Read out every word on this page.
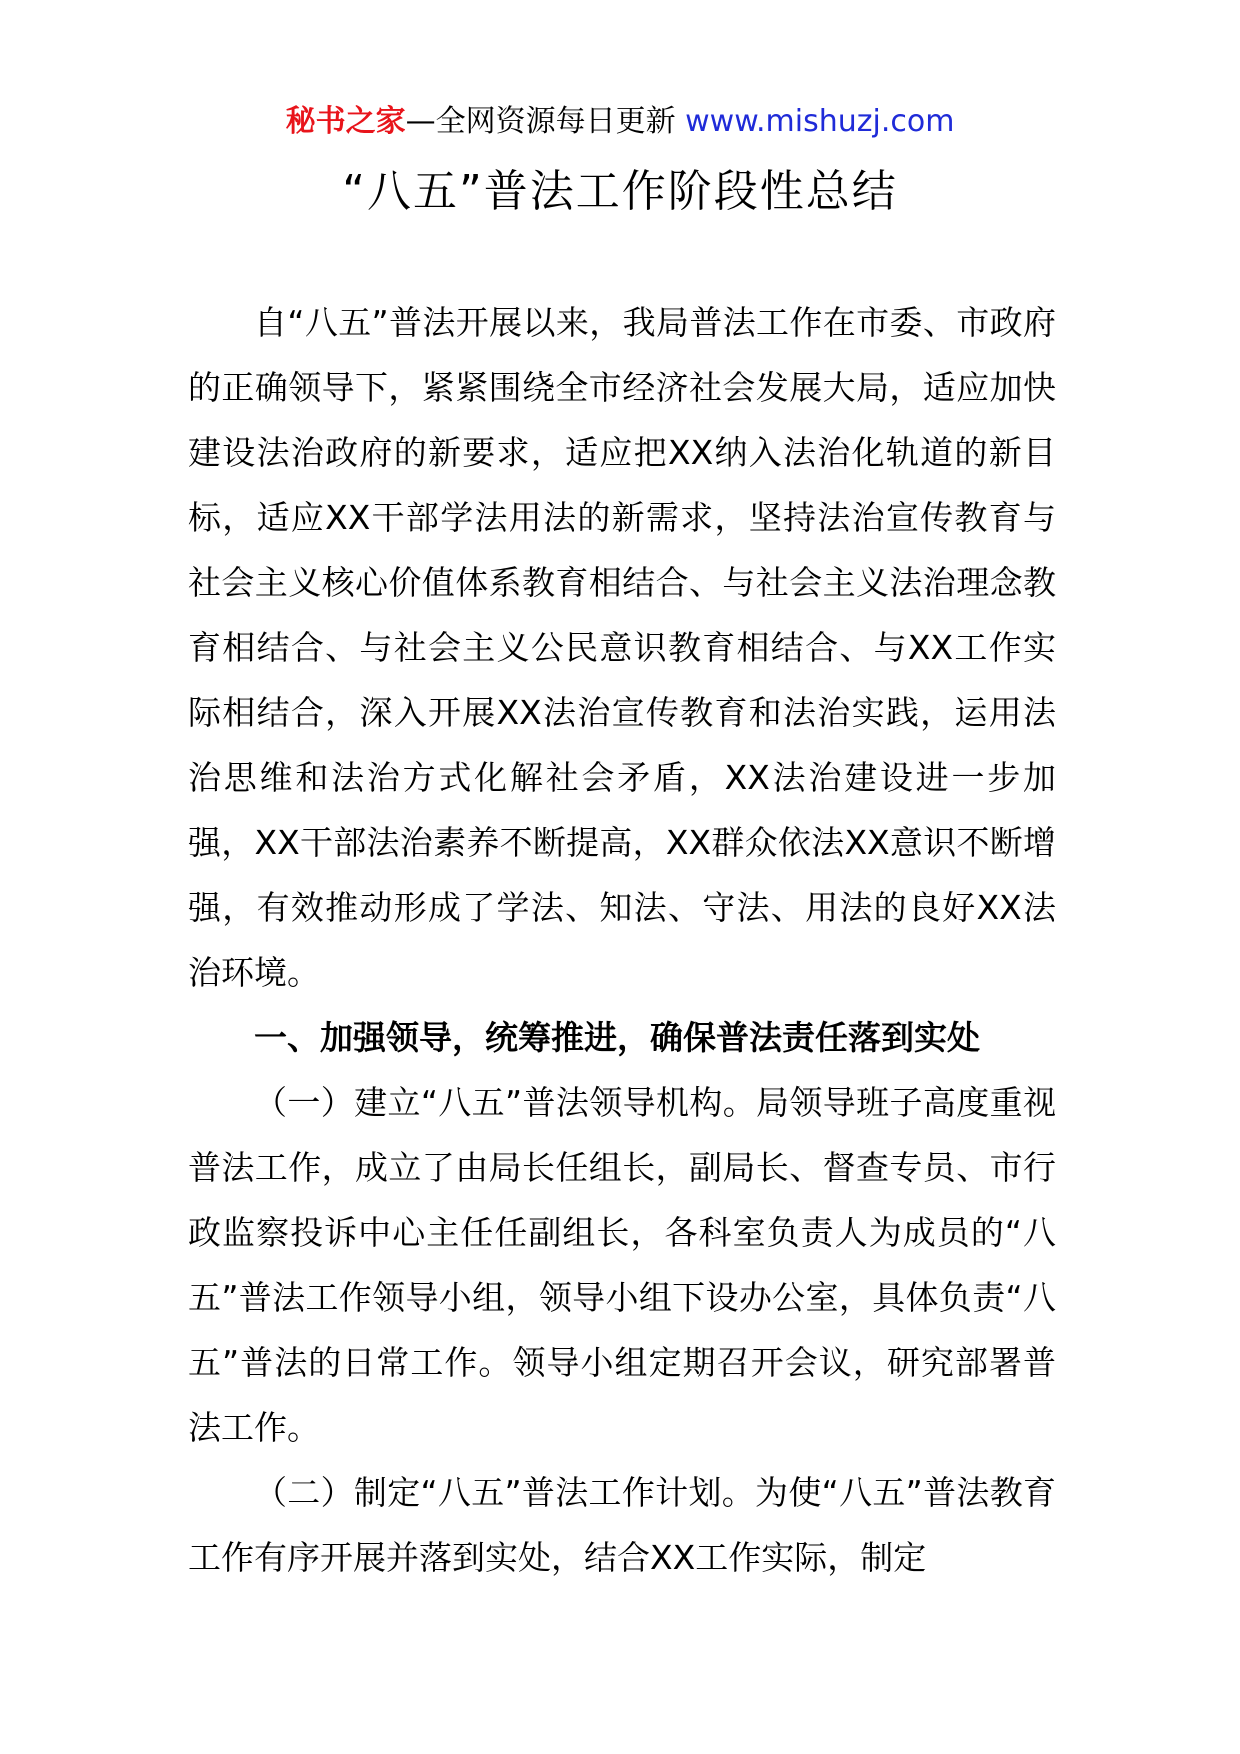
秘书之家—全网资源每日更新 www.mishuzj.com
“八五”普法工作阶段性总结

自“八五”普法开展以来，我局普法工作在市委、市政府的正确领导下，紧紧围绕全市经济社会发展大局，适应加快建设法治政府的新要求，适应把XX纳入法治化轨道的新目标，适应XX干部学法用法的新需求，坚持法治宣传教育与社会主义核心价值体系教育相结合、与社会主义法治理念教育相结合、与社会主义公民意识教育相结合、与XX工作实际相结合，深入开展XX法治宣传教育和法治实践，运用法治思维和法治方式化解社会矛盾，XX法治建设进一步加强，XX干部法治素养不断提高，XX群众依法XX意识不断增强，有效推动形成了学法、知法、守法、用法的良好XX法治环境。

一、加强领导，统筹推进，确保普法责任落到实处

（一）建立“八五”普法领导机构。局领导班子高度重视普法工作，成立了由局长任组长，副局长、督查专员、市行政监察投诉中心主任任副组长，各科室负责人为成员的“八五”普法工作领导小组，领导小组下设办公室，具体负责“八五”普法的日常工作。领导小组定期召开会议，研究部署普法工作。

（二）制定“八五”普法工作计划。为使“八五”普法教育工作有序开展并落到实处，结合XX工作实际，制定
